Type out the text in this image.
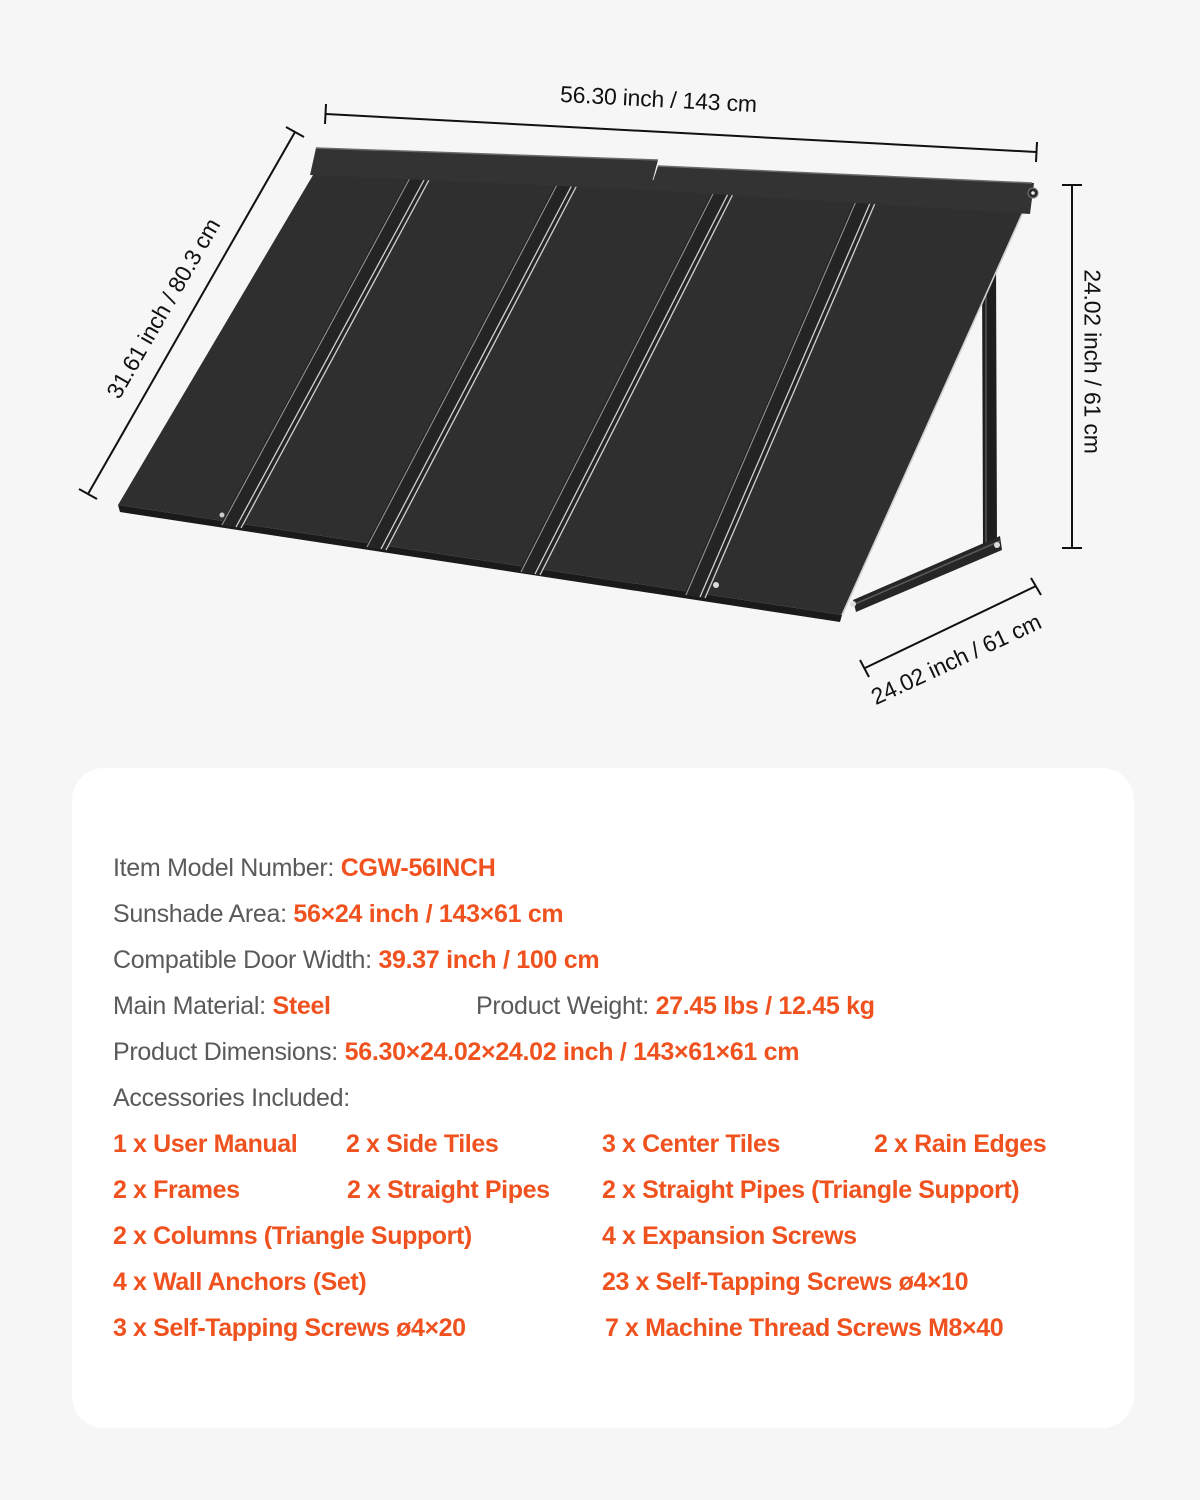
56.30 inch / 143 cm
31.61 inch / 80.3 cm	24.02 inch / 61 cm
24.02 inch / 61 cm
Item Model Number: CGW-56INCH
Sunshade Area: 56×24 inch / 143×61 cm
Compatible Door Width: 39.37 inch / 100 cm
Main Material: Steel	Product Weight: 27.45 lbs / 12.45 kg
Product Dimensions: 56.30×24.02×24.02 inch / 143×61×61 cm
Accessories Included:
1 x User Manual 2 x Side Tiles	3 x Center Tiles	2 x Rain Edges
2 x Frames	2 x Straight Pipes 2 x Straight Pipes (Triangle Support)
2 x Columns (Triangle Support)	4 x Expansion Screws
4 x Wall Anchors (Set)	23 x Self-Tapping Screws ø4×10
3 x Self-Tapping Screws ø4×20	7 x Machine Thread Screws M8×40
